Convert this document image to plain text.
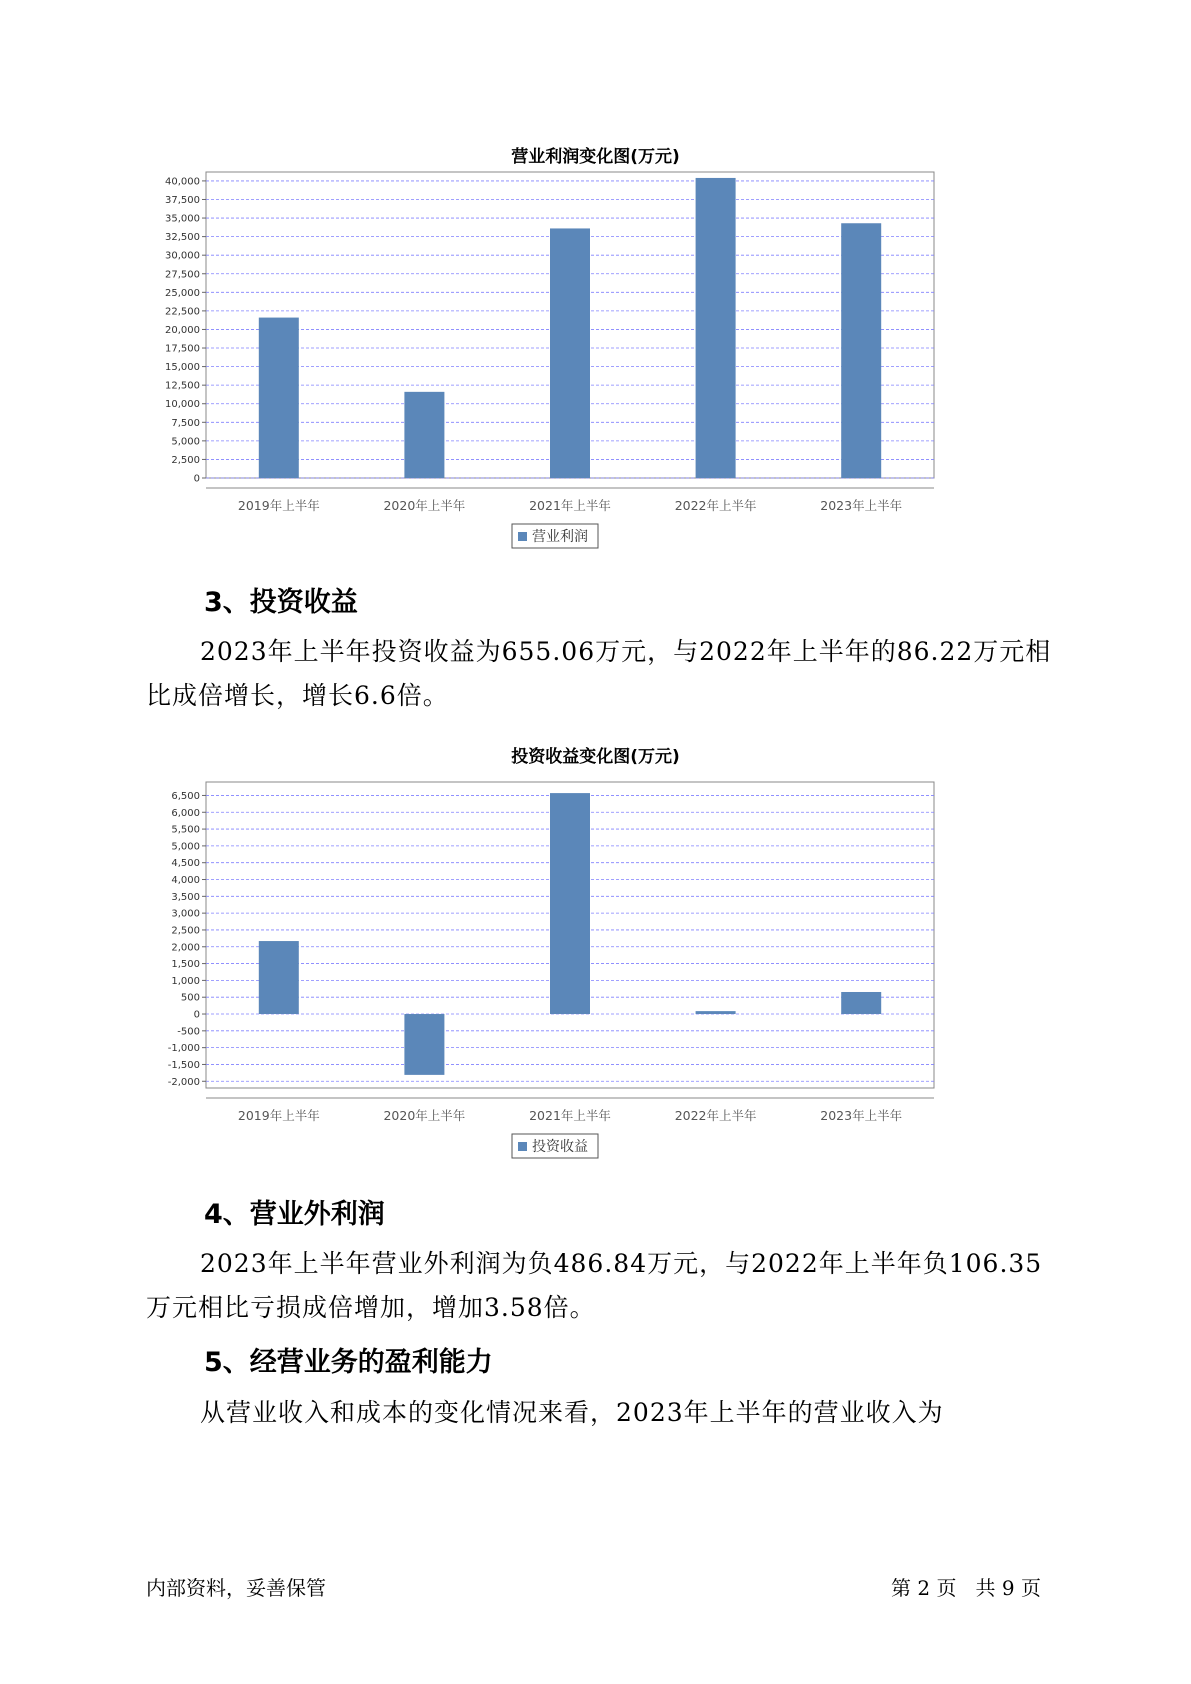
营业利润变化图(万元)
0
2,500
5,000
7,500
10,000
12,500
15,000
17,500
20,000
22,500
25,000
27,500
30,000
32,500
35,000
37,500
40,000
2019年上半年	2020年上半年	2021年上半年	2022年上半年	2023年上半年
营业利润
3、投资收益
2023年上半年投资收益为655.06万元，与2022年上半年的86.22万元相比成倍增长，增长6.6倍。
投资收益变化图(万元)
-2,000
-1,500
-1,000
-500
0
500
1,000
1,500
2,000
2,500
3,000
3,500
4,000
4,500
5,000
5,500
6,000
6,500
2019年上半年	2020年上半年	2021年上半年	2022年上半年	2023年上半年
投资收益
4、营业外利润
2023年上半年营业外利润为负486.84万元，与2022年上半年负106.35万元相比亏损成倍增加，增加3.58倍。
5、经营业务的盈利能力
从营业收入和成本的变化情况来看，2023年上半年的营业收入为
内部资料，妥善保管	第 2 页   共 9 页
